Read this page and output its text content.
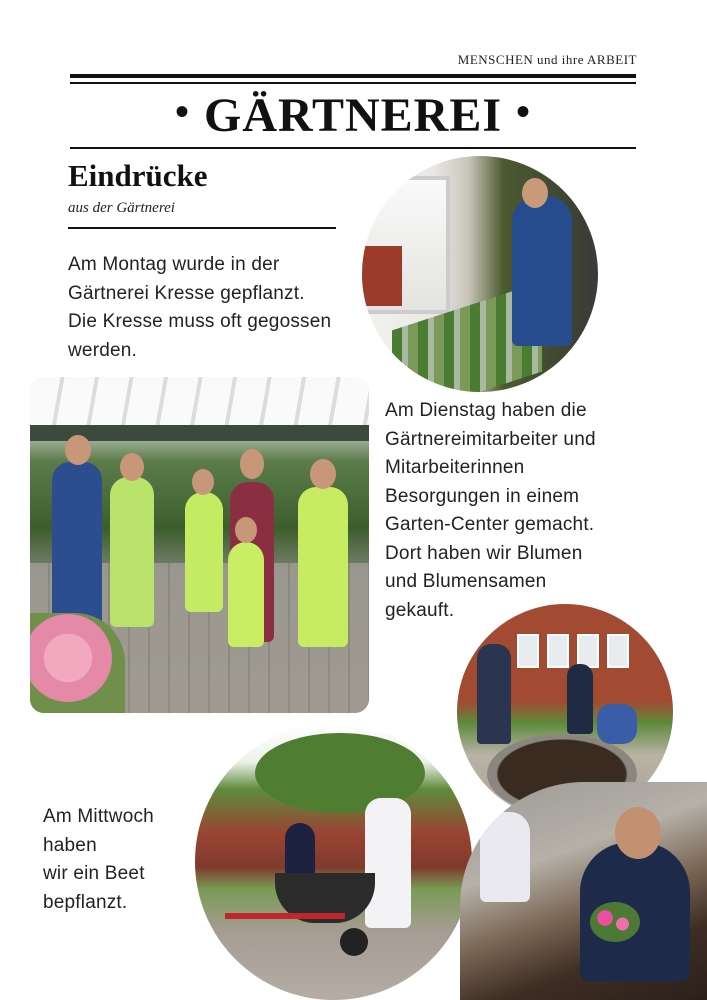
MENSCHEN und ihre ARBEIT
• GÄRTNEREI •
Eindrücke
aus der Gärtnerei
Am Montag wurde in der
Gärtnerei Kresse gepflanzt.
Die Kresse muss oft gegossen
werden.
Am Dienstag haben die
Gärtnereimitarbeiter und
Mitarbeiterinnen
Besorgungen in einem
Garten-Center gemacht.
Dort haben wir Blumen
und Blumensamen
gekauft.
Am Mittwoch
haben
wir ein Beet
bepflanzt.
